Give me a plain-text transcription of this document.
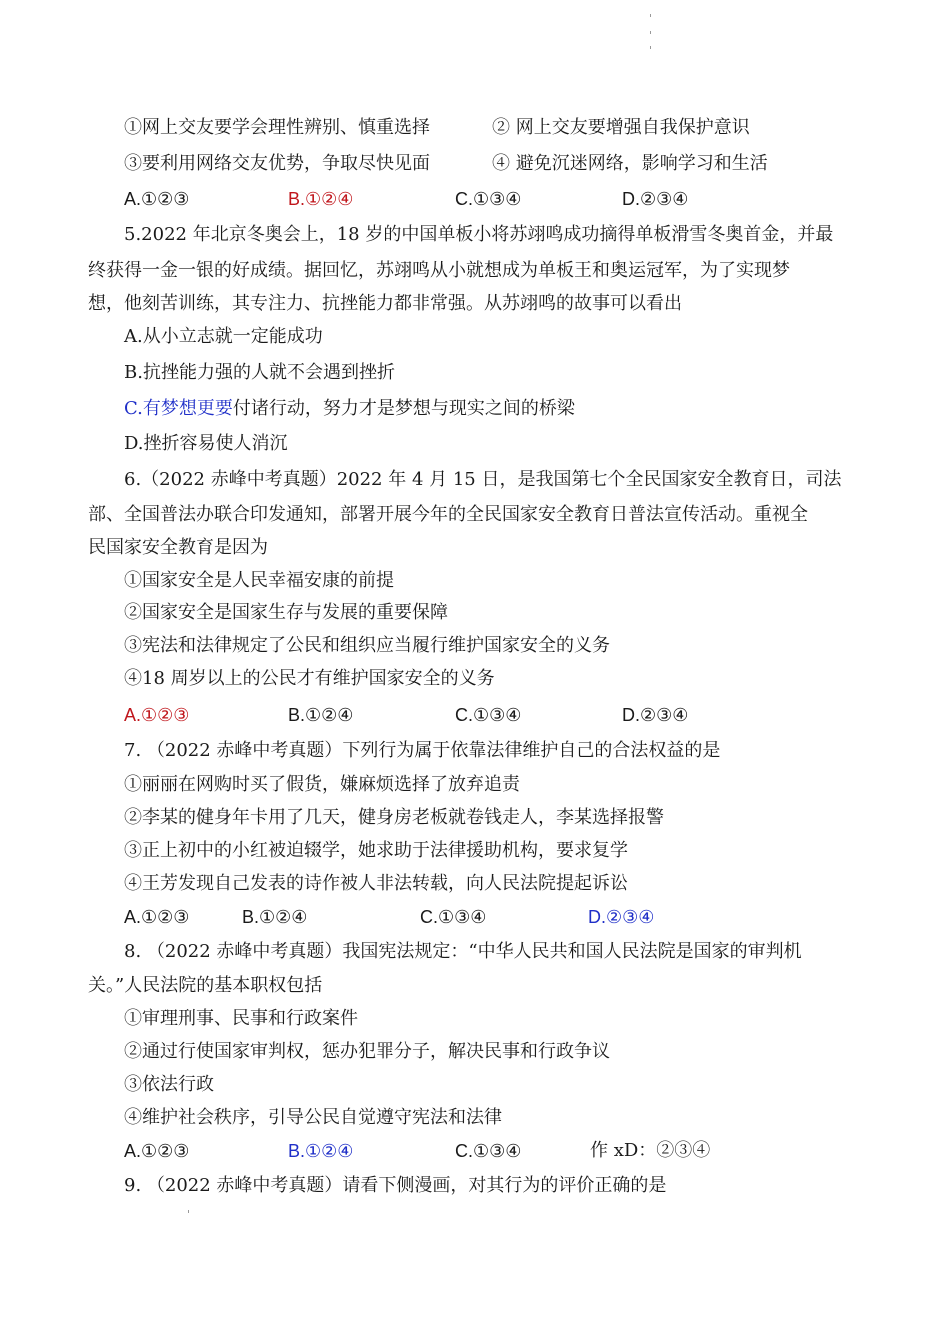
①网上交友要学会理性辨别、慎重选择	② 网上交友要增强自我保护意识
③要利用网络交友优势，争取尽快见面	④ 避免沉迷网络，影响学习和生活
A.①②③	B.①②④	C.①③④	D.②③④
5.2022 年北京冬奥会上，18 岁的中国单板小将苏翊鸣成功摘得单板滑雪冬奥首金，并最
终获得一金一银的好成绩。据回忆，苏翊鸣从小就想成为单板王和奥运冠军，为了实现梦
想，他刻苦训练，其专注力、抗挫能力都非常强。从苏翊鸣的故事可以看出
A.从小立志就一定能成功
B.抗挫能力强的人就不会遇到挫折
C.有梦想更要付诸行动，努力才是梦想与现实之间的桥梁
D.挫折容易使人消沉
6.（2022 赤峰中考真题）2022 年 4 月 15 日，是我国第七个全民国家安全教育日，司法
部、全国普法办联合印发通知，部署开展今年的全民国家安全教育日普法宣传活动。重视全
民国家安全教育是因为
①国家安全是人民幸福安康的前提
②国家安全是国家生存与发展的重要保障
③宪法和法律规定了公民和组织应当履行维护国家安全的义务
④18 周岁以上的公民才有维护国家安全的义务
A.①②③	B.①②④	C.①③④	D.②③④
7. （2022 赤峰中考真题）下列行为属于依靠法律维护自己的合法权益的是
①丽丽在网购时买了假货，嫌麻烦选择了放弃追责
②李某的健身年卡用了几天，健身房老板就卷钱走人，李某选择报警
③正上初中的小红被迫辍学，她求助于法律援助机构，要求复学
④王芳发现自己发表的诗作被人非法转载，向人民法院提起诉讼
A.①②③	B.①②④	C.①③④	D.②③④
8. （2022 赤峰中考真题）我国宪法规定：“中华人民共和国人民法院是国家的审判机
关。”人民法院的基本职权包括
①审理刑事、民事和行政案件
②通过行使国家审判权，惩办犯罪分子，解决民事和行政争议
③依法行政
④维护社会秩序，引导公民自觉遵守宪法和法律
A.①②③	B.①②④	C.①③④	作 xD：②③④
9. （2022 赤峰中考真题）请看下侧漫画，对其行为的评价正确的是
